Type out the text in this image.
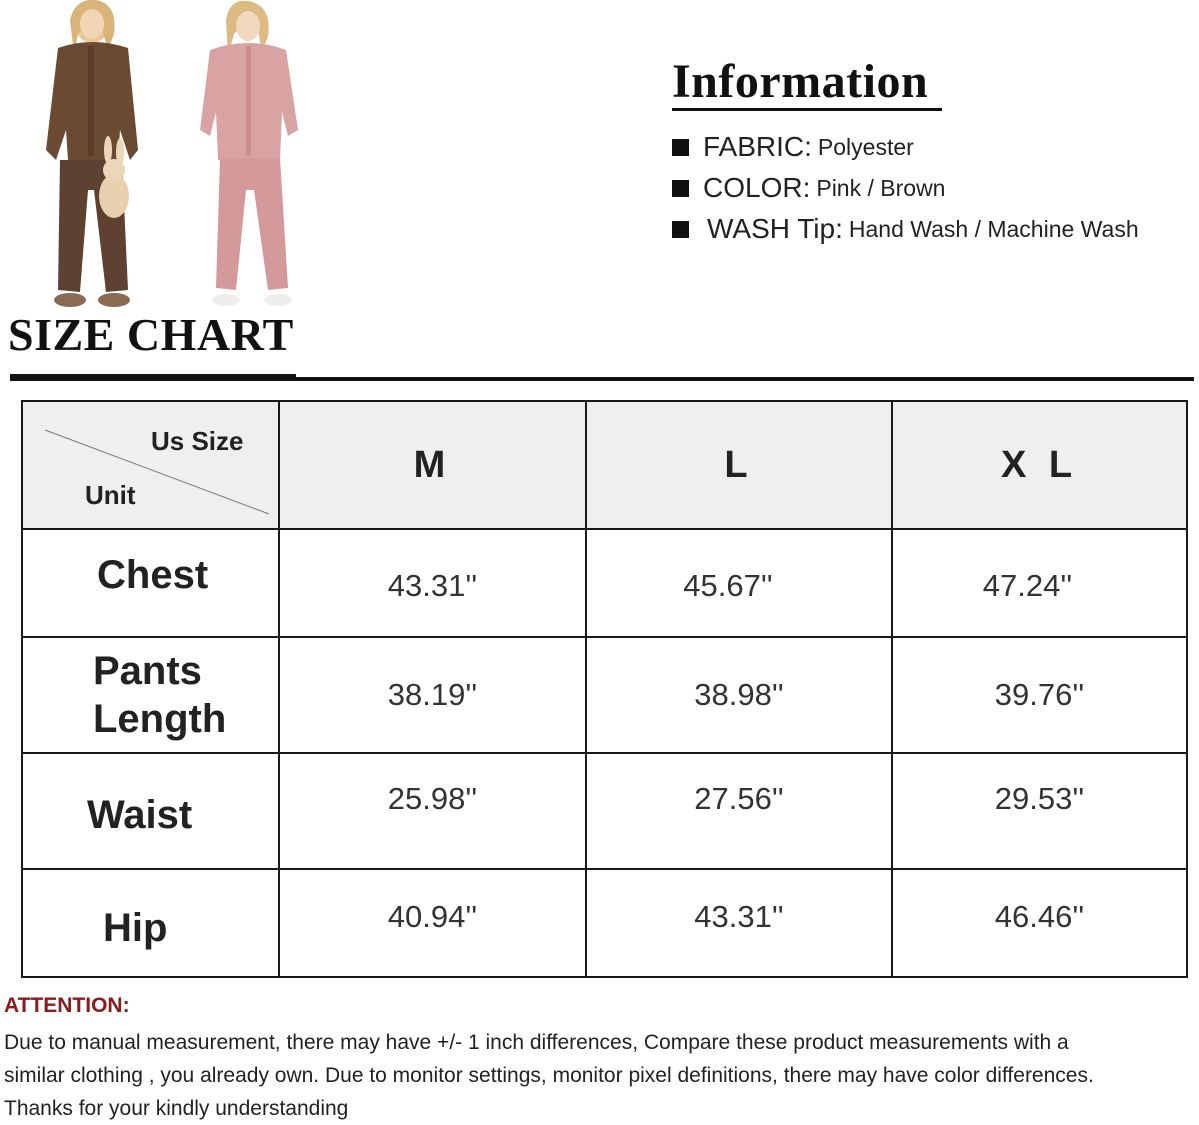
SIZE CHART
Information
FABRIC: Polyester
COLOR: Pink / Brown
WASH Tip: Hand Wash / Machine Wash
Us Size
Unit	M	L	X L

Chest	43.31''	45.67''	47.24''

Pants
Length	38.19''	38.98''	39.76''

Waist	25.98''	27.56''	29.53''

Hip	40.94''	43.31''	46.46''
ATTENTION:
Due to manual measurement, there may have +/- 1 inch differences, Compare these product measurements with a
similar clothing , you already own. Due to monitor settings, monitor pixel definitions, there may have color differences.
Thanks for your kindly understanding
